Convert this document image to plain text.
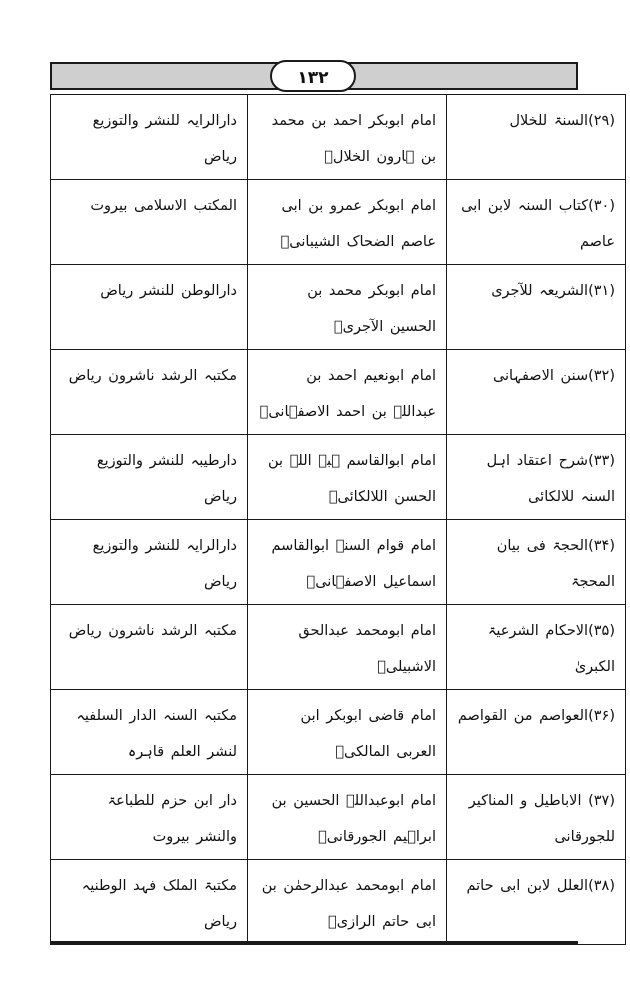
۱۳۲
(۲۹)السنۃ للخلال	امام ابوبکر احمد بن محمد بن ہارون الخلالؒ	دارالرایہ للنشر والتوزیع ریاض
(۳۰)کتاب السنہ لابن ابی عاصم	امام ابوبکر عمرو بن ابی عاصم الضحاک الشیبانیؒ	المکتب الاسلامی بیروت
(۳۱)الشریعہ للآجری	امام ابوبکر محمد بن الحسین الآجریؒ	دارالوطن للنشر ریاض
(۳۲)سنن الاصفہانی	امام ابونعیم احمد بن عبداللہ بن احمد الاصفہانیؒ	مکتبہ الرشد ناشرون ریاض
(۳۳)شرح اعتقاد اہل السنہ للالکائی	امام ابوالقاسم ہبۃ اللہ بن الحسن اللالکائیؒ	دارطیبہ للنشر والتوزیع ریاض
(۳۴)الحجۃ فی بیان المحجۃ	امام قوام السنہ ابوالقاسم اسماعیل الاصفہانیؒ	دارالرایہ للنشر والتوزیع ریاض
(۳۵)الاحکام الشرعیۃ الکبریٰ	امام ابومحمد عبدالحق الاشبیلیؒ	مکتبہ الرشد ناشرون ریاض
(۳۶)العواصم من القواصم	امام قاضی ابوبکر ابن العربی المالکیؒ	مکتبہ السنہ الدار السلفیہ لنشر العلم قاہرہ
(۳۷) الاباطیل و المناکیر للجورقانی	امام ابوعبداللہ الحسین بن ابراہیم الجورقانیؒ	دار ابن حزم للطباعۃ والنشر بیروت
(۳۸)العلل لابن ابی حاتم	امام ابومحمد عبدالرحمٰن بن ابی حاتم الرازیؒ	مکتبۃ الملک فہد الوطنیہ ریاض
